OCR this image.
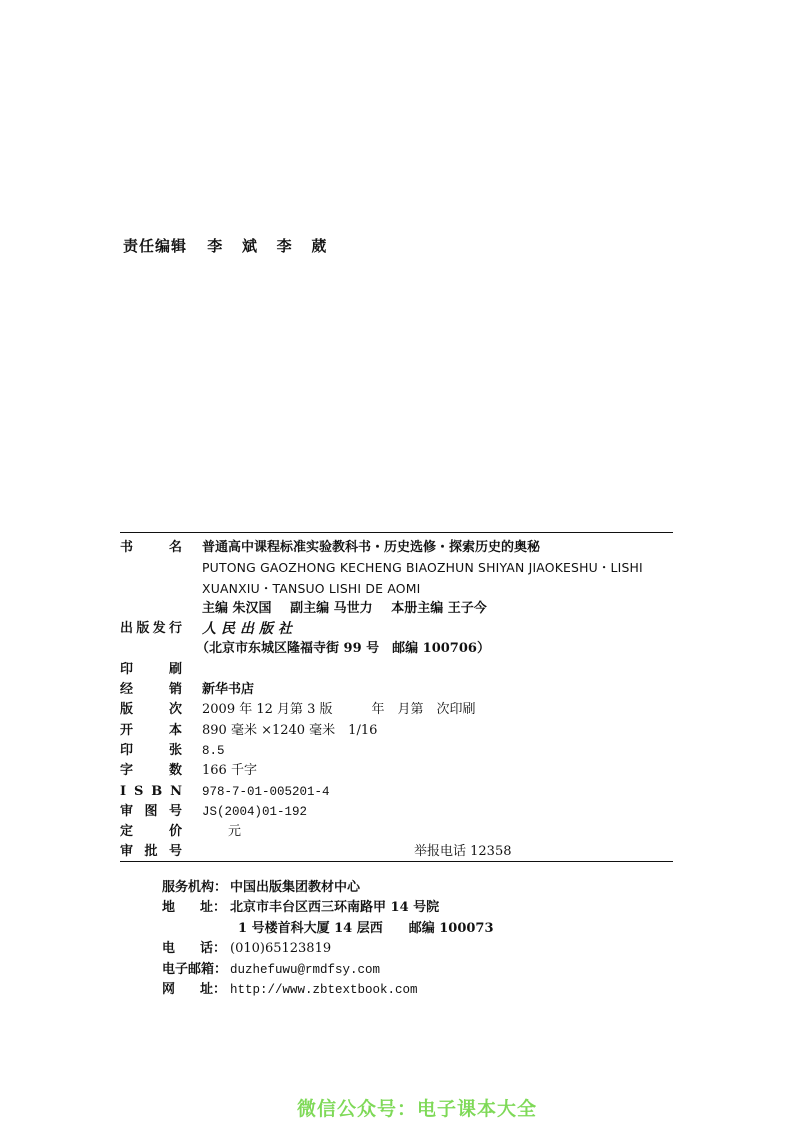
责任编辑 李 斌 李 葳
书	名 普通高中课程标准实验教科书・历史选修・探索历史的奥秘
PUTONG GAOZHONG KECHENG BIAOZHUN SHIYAN JIAOKESHU・LISHI
XUANXIU・TANSUO LISHI DE AOMI
主编 朱汉国 副主编 马世力 本册主编 王子今
出 版 发 行 人民出版社
（北京市东城区隆福寺街 99 号　邮编 100706）
印	刷
经	销 新华书店
版	次 2009 年 12 月第 3 版　　　年　月第　次印刷
开	本 890 毫米 ×1240 毫米　1/16
印	张 8.5
字	数 166 千字
I S B N 978-7-01-005201-4
审 图 号 JS(2004)01-192
定	价 　　元
审 批 号	举报电话 12358
服 务 机 构： 中国出版集团教材中心
地 址： 北京市丰台区西三环南路甲 14 号院
1 号楼首科大厦 14 层西　　邮编 100073
电 话： (010)65123819
电 子 邮 箱： duzhefuwu@rmdfsy.com
网 址： http://www.zbtextbook.com
微信公众号：电子课本大全
